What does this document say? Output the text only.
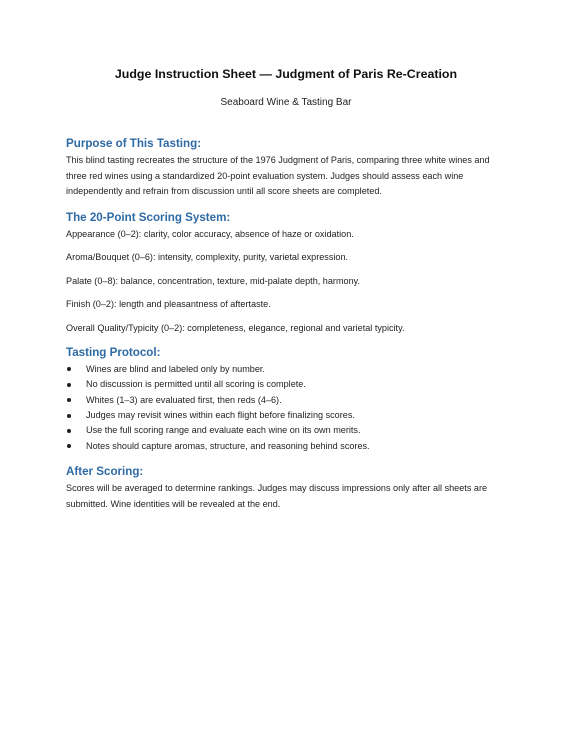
Judge Instruction Sheet — Judgment of Paris Re-Creation

Seaboard Wine & Tasting Bar

Purpose of This Tasting:

This blind tasting recreates the structure of the 1976 Judgment of Paris, comparing three white wines and three red wines using a standardized 20-point evaluation system. Judges should assess each wine independently and refrain from discussion until all score sheets are completed.

The 20-Point Scoring System:

Appearance (0–2): clarity, color accuracy, absence of haze or oxidation.

Aroma/Bouquet (0–6): intensity, complexity, purity, varietal expression.

Palate (0–8): balance, concentration, texture, mid-palate depth, harmony.

Finish (0–2): length and pleasantness of aftertaste.

Overall Quality/Typicity (0–2): completeness, elegance, regional and varietal typicity.

Tasting Protocol:
Wines are blind and labeled only by number.
No discussion is permitted until all scoring is complete.
Whites (1–3) are evaluated first, then reds (4–6).
Judges may revisit wines within each flight before finalizing scores.
Use the full scoring range and evaluate each wine on its own merits.
Notes should capture aromas, structure, and reasoning behind scores.
After Scoring:

Scores will be averaged to determine rankings. Judges may discuss impressions only after all sheets are submitted. Wine identities will be revealed at the end.
